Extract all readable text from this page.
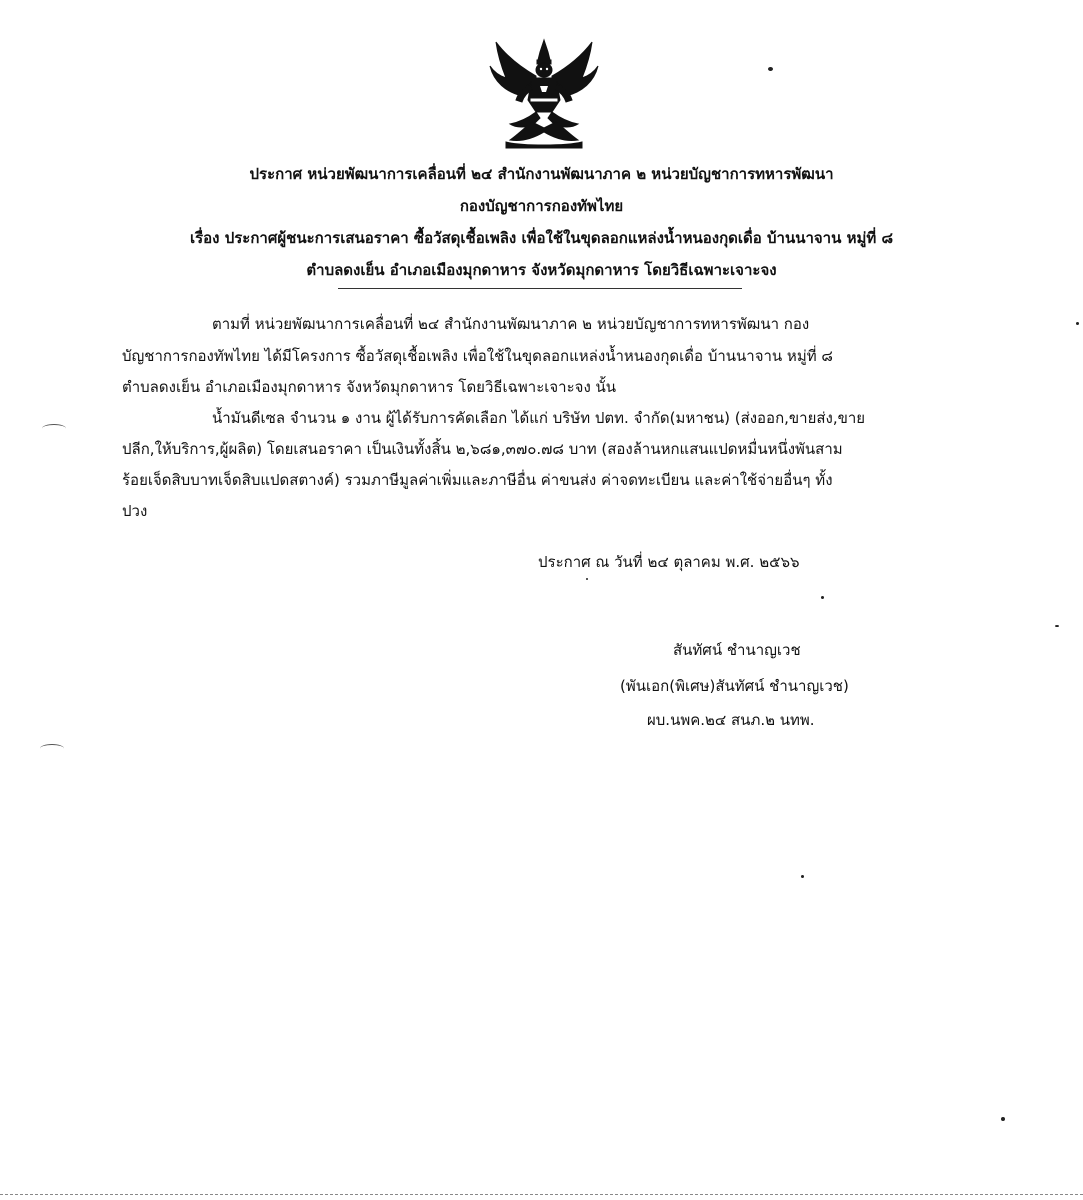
ประกาศ หน่วยพัฒนาการเคลื่อนที่ ๒๔ สำนักงานพัฒนาภาค ๒ หน่วยบัญชาการทหารพัฒนา
กองบัญชาการกองทัพไทย
เรื่อง ประกาศผู้ชนะการเสนอราคา ซื้อวัสดุเชื้อเพลิง เพื่อใช้ในขุดลอกแหล่งน้ำหนองกุดเดื่อ บ้านนาจาน หมู่ที่ ๘
ตำบลดงเย็น อำเภอเมืองมุกดาหาร จังหวัดมุกดาหาร โดยวิธีเฉพาะเจาะจง
ตามที่ หน่วยพัฒนาการเคลื่อนที่ ๒๔ สำนักงานพัฒนาภาค ๒ หน่วยบัญชาการทหารพัฒนา กอง
บัญชาการกองทัพไทย ได้มีโครงการ ซื้อวัสดุเชื้อเพลิง เพื่อใช้ในขุดลอกแหล่งน้ำหนองกุดเดื่อ บ้านนาจาน หมู่ที่ ๘
ตำบลดงเย็น อำเภอเมืองมุกดาหาร จังหวัดมุกดาหาร โดยวิธีเฉพาะเจาะจง นั้น
น้ำมันดีเซล จำนวน ๑ งาน ผู้ได้รับการคัดเลือก ได้แก่ บริษัท ปตท. จำกัด(มหาชน) (ส่งออก,ขายส่ง,ขาย
ปลีก,ให้บริการ,ผู้ผลิต) โดยเสนอราคา เป็นเงินทั้งสิ้น ๒,๖๘๑,๓๗๐.๗๘ บาท (สองล้านหกแสนแปดหมื่นหนึ่งพันสาม
ร้อยเจ็ดสิบบาทเจ็ดสิบแปดสตางค์) รวมภาษีมูลค่าเพิ่มและภาษีอื่น ค่าขนส่ง ค่าจดทะเบียน และค่าใช้จ่ายอื่นๆ ทั้ง
ปวง
ประกาศ ณ วันที่ ๒๔ ตุลาคม พ.ศ. ๒๕๖๖
สันทัศน์ ชำนาญเวช
(พันเอก(พิเศษ)สันทัศน์ ชำนาญเวช)
ผบ.นพค.๒๔ สนภ.๒ นทพ.
